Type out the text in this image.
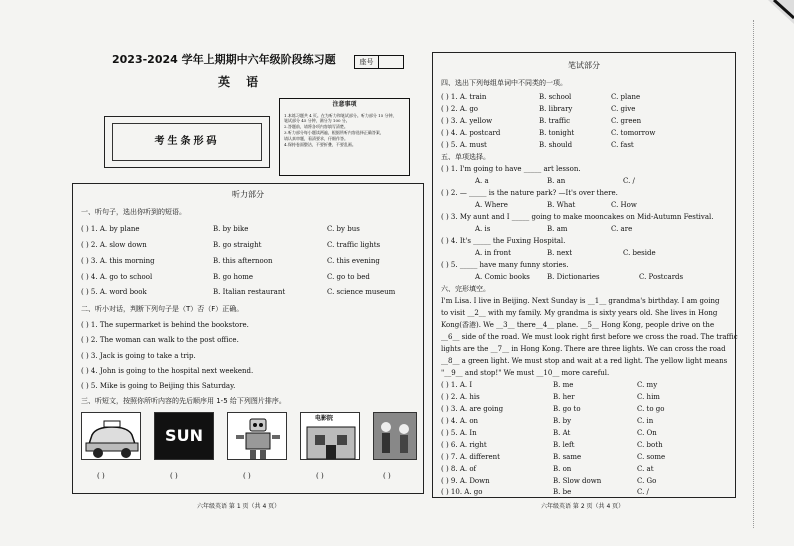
2023-2024 学年上期期中六年级阶段练习题	座号
英 语
考生条形码
注意事项

1.本练习题共 4 页。在为听力和笔试部分。听力部分 15 分钟，

笔试部分 45 分钟，满分为 100 分。

2.答题前，请将各项内容填写清楚。

3.听力部分每小题读两遍，根据所听内容选择正确答案，

请认真审题，看清要求，仔细作答。

4.保持卷面整洁，不要折叠，不要乱画。

听力部分
一、听句子，选出你听到的短语。
( ) 1. A. by plane	B. by bike	C. by bus
( ) 2. A. slow down	B. go straight	C. traffic lights
( ) 3. A. this morning	B. this afternoon	C. this evening
( ) 4. A. go to school	B. go home	C. go to bed
( ) 5. A. word book	B. Italian restaurant	C. science museum
二、听小对话，判断下列句子是（T）否（F）正确。
( ) 1. The supermarket is behind the bookstore.
( ) 2. The woman can walk to the post office.
( ) 3. Jack is going to take a trip.
( ) 4. John is going to the hospital next weekend.
( ) 5. Mike is going to Beijing this Saturday.
三、听短文，按照你所听内容的先后顺序用 1-5 给下列图片排序。
SUN
电影院
( )	( )	( )	( )	( )
六年级英语 第 1 页（共 4 页）
笔试部分
四、选出下列每组单词中不同类的一项。
( ) 1. A. train	B. school	C. plane
( ) 2. A. go	B. library	C. give
( ) 3. A. yellow	B. traffic	C. green
( ) 4. A. postcard	B. tonight	C. tomorrow
( ) 5. A. must	B. should	C. fast
五、单项选择。
( ) 1. I'm going to have _____ art lesson.
A. a	B. an	C. /
( ) 2. — _____ is the nature park? —It's over there.
A. Where	B. What	C. How
( ) 3. My aunt and I _____ going to make mooncakes on Mid-Autumn Festival.
A. is	B. am	C. are
( ) 4. It's _____ the Fuxing Hospital.
A. in front	B. next	C. beside
( ) 5. _____ have many funny stories.
A. Comic books B. Dictionaries	C. Postcards
六、完形填空。
I'm Lisa. I live in Beijing. Next Sunday is __1__ grandma's birthday. I am going
to visit __2__ with my family. My grandma is sixty years old. She lives in Hong
Kong(香港). We __3__ there__4__ plane. __5__ Hong Kong, people drive on the
__6__ side of the road. We must look right first before we cross the road. The traffic
lights are the __7__ in Hong Kong. There are three lights. We can cross the road
__8__ a green light. We must stop and wait at a red light. The yellow light means
"__9__ and stop!" We must __10__ more careful.
( ) 1. A. I	B. me	C. my
( ) 2. A. his	B. her	C. him
( ) 3. A. are going	B. go to	C. to go
( ) 4. A. on	B. by	C. in
( ) 5. A. In	B. At	C. On
( ) 6. A. right	B. left	C. both
( ) 7. A. different	B. same	C. some
( ) 8. A. of	B. on	C. at
( ) 9. A. Down	B. Slow down	C. Go
( ) 10. A. go	B. be	C. /
六年级英语 第 2 页（共 4 页）
